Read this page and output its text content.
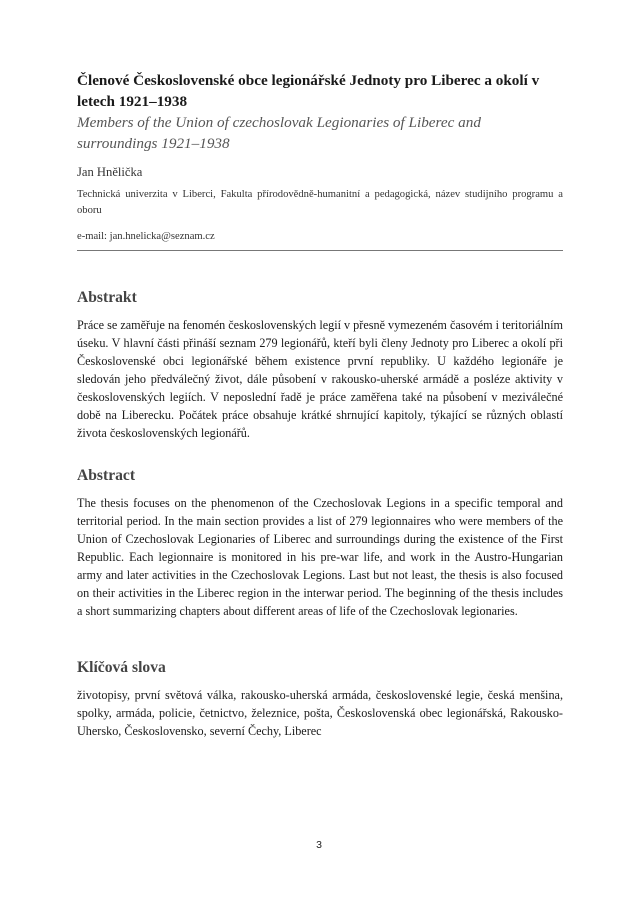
Členové Československé obce legionářské Jednoty pro Liberec a okolí v letech 1921–1938

Members of the Union of czechoslovak Legionaries of Liberec and surroundings 1921–1938

Jan Hnělička
Technická univerzita v Liberci, Fakulta přírodovědně-humanitní a pedagogická, název studijního programu a oboru
e-mail: jan.hnelicka@seznam.cz
Abstrakt
Práce se zaměřuje na fenomén československých legií v přesně vymezeném časovém i teritoriálním úseku. V hlavní části přináší seznam 279 legionářů, kteří byli členy Jednoty pro Liberec a okolí při Československé obci legionářské během existence první republiky. U každého legionáře je sledován jeho předválečný život, dále působení v rakousko-uherské armádě a posléze aktivity v československých legiích. V neposlední řadě je práce zaměřena také na působení v meziválečné době na Liberecku. Počátek práce obsahuje krátké shrnující kapitoly, týkající se různých oblastí života československých legionářů.
Abstract
The thesis focuses on the phenomenon of the Czechoslovak Legions in a specific temporal and territorial period. In the main section provides a list of 279 legionnaires who were members of the Union of Czechoslovak Legionaries of Liberec and surroundings during the existence of the First Republic. Each legionnaire is monitored in his pre-war life, and work in the Austro-Hungarian army and later activities in the Czechoslovak Legions. Last but not least, the thesis is also focused on their activities in the Liberec region in the interwar period. The beginning of the thesis includes a short summarizing chapters about different areas of life of the Czechoslovak legionaries.
Klíčová slova
životopisy, první světová válka, rakousko-uherská armáda, československé legie, česká menšina, spolky, armáda, policie, četnictvo, železnice, pošta, Československá obec legionářská, Rakousko- Uhersko, Československo, severní Čechy, Liberec
3
